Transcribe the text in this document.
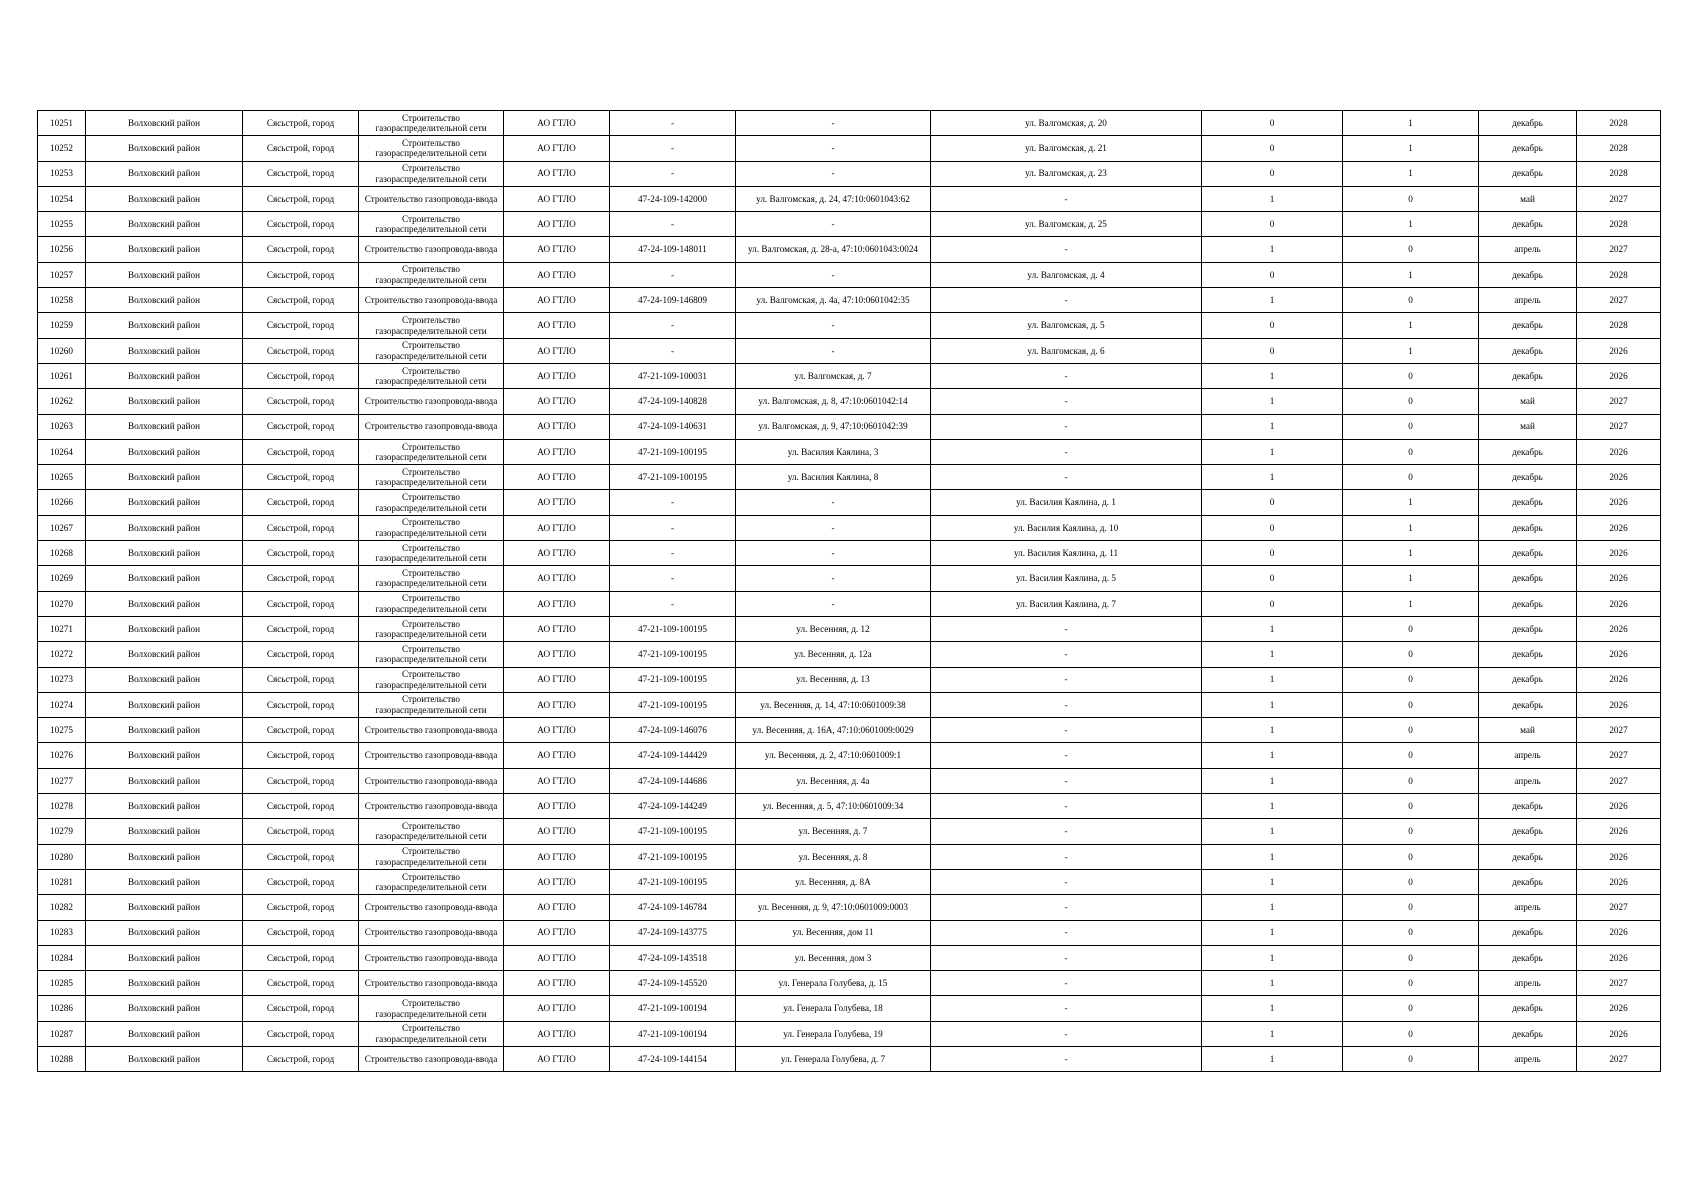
10251	Волховский район	Сясьстрой, город	Строительство газораспределительной сети	АО ГТЛО	-	-	ул. Валгомская, д. 20	0	1	декабрь	2028
10252	Волховский район	Сясьстрой, город	Строительство газораспределительной сети	АО ГТЛО	-	-	ул. Валгомская, д. 21	0	1	декабрь	2028
10253	Волховский район	Сясьстрой, город	Строительство газораспределительной сети	АО ГТЛО	-	-	ул. Валгомская, д. 23	0	1	декабрь	2028
10254	Волховский район	Сясьстрой, город	Строительство газопровода-ввода	АО ГТЛО	47-24-109-142000	ул. Валгомская, д. 24, 47:10:0601043:62	-	1	0	май	2027
10255	Волховский район	Сясьстрой, город	Строительство газораспределительной сети	АО ГТЛО	-	-	ул. Валгомская, д. 25	0	1	декабрь	2028
10256	Волховский район	Сясьстрой, город	Строительство газопровода-ввода	АО ГТЛО	47-24-109-148011	ул. Валгомская, д. 28-а, 47:10:0601043:0024	-	1	0	апрель	2027
10257	Волховский район	Сясьстрой, город	Строительство газораспределительной сети	АО ГТЛО	-	-	ул. Валгомская, д. 4	0	1	декабрь	2028
10258	Волховский район	Сясьстрой, город	Строительство газопровода-ввода	АО ГТЛО	47-24-109-146809	ул. Валгомская, д. 4а, 47:10:0601042:35	-	1	0	апрель	2027
10259	Волховский район	Сясьстрой, город	Строительство газораспределительной сети	АО ГТЛО	-	-	ул. Валгомская, д. 5	0	1	декабрь	2028
10260	Волховский район	Сясьстрой, город	Строительство газораспределительной сети	АО ГТЛО	-	-	ул. Валгомская, д. 6	0	1	декабрь	2026
10261	Волховский район	Сясьстрой, город	Строительство газораспределительной сети	АО ГТЛО	47-21-109-100031	ул. Валгомская, д. 7	-	1	0	декабрь	2026
10262	Волховский район	Сясьстрой, город	Строительство газопровода-ввода	АО ГТЛО	47-24-109-140828	ул. Валгомская, д. 8, 47:10:0601042:14	-	1	0	май	2027
10263	Волховский район	Сясьстрой, город	Строительство газопровода-ввода	АО ГТЛО	47-24-109-140631	ул. Валгомская, д. 9, 47:10:0601042:39	-	1	0	май	2027
10264	Волховский район	Сясьстрой, город	Строительство газораспределительной сети	АО ГТЛО	47-21-109-100195	ул. Василия Каялина, 3	-	1	0	декабрь	2026
10265	Волховский район	Сясьстрой, город	Строительство газораспределительной сети	АО ГТЛО	47-21-109-100195	ул. Василия Каялина, 8	-	1	0	декабрь	2026
10266	Волховский район	Сясьстрой, город	Строительство газораспределительной сети	АО ГТЛО	-	-	ул. Василия Каялина, д. 1	0	1	декабрь	2026
10267	Волховский район	Сясьстрой, город	Строительство газораспределительной сети	АО ГТЛО	-	-	ул. Василия Каялина, д. 10	0	1	декабрь	2026
10268	Волховский район	Сясьстрой, город	Строительство газораспределительной сети	АО ГТЛО	-	-	ул. Василия Каялина, д. 11	0	1	декабрь	2026
10269	Волховский район	Сясьстрой, город	Строительство газораспределительной сети	АО ГТЛО	-	-	ул. Василия Каялина, д. 5	0	1	декабрь	2026
10270	Волховский район	Сясьстрой, город	Строительство газораспределительной сети	АО ГТЛО	-	-	ул. Василия Каялина, д. 7	0	1	декабрь	2026
10271	Волховский район	Сясьстрой, город	Строительство газораспределительной сети	АО ГТЛО	47-21-109-100195	ул. Весенняя, д. 12	-	1	0	декабрь	2026
10272	Волховский район	Сясьстрой, город	Строительство газораспределительной сети	АО ГТЛО	47-21-109-100195	ул. Весенняя, д. 12а	-	1	0	декабрь	2026
10273	Волховский район	Сясьстрой, город	Строительство газораспределительной сети	АО ГТЛО	47-21-109-100195	ул. Весенняя, д. 13	-	1	0	декабрь	2026
10274	Волховский район	Сясьстрой, город	Строительство газораспределительной сети	АО ГТЛО	47-21-109-100195	ул. Весенняя, д. 14, 47:10:0601009:38	-	1	0	декабрь	2026
10275	Волховский район	Сясьстрой, город	Строительство газопровода-ввода	АО ГТЛО	47-24-109-146076	ул. Весенняя, д. 16А, 47:10:0601009:0029	-	1	0	май	2027
10276	Волховский район	Сясьстрой, город	Строительство газопровода-ввода	АО ГТЛО	47-24-109-144429	ул. Весенняя, д. 2, 47:10:0601009:1	-	1	0	апрель	2027
10277	Волховский район	Сясьстрой, город	Строительство газопровода-ввода	АО ГТЛО	47-24-109-144686	ул. Весенняя, д. 4а	-	1	0	апрель	2027
10278	Волховский район	Сясьстрой, город	Строительство газопровода-ввода	АО ГТЛО	47-24-109-144249	ул. Весенняя, д. 5, 47:10:0601009:34	-	1	0	декабрь	2026
10279	Волховский район	Сясьстрой, город	Строительство газораспределительной сети	АО ГТЛО	47-21-109-100195	ул. Весенняя, д. 7	-	1	0	декабрь	2026
10280	Волховский район	Сясьстрой, город	Строительство газораспределительной сети	АО ГТЛО	47-21-109-100195	ул. Весенняя, д. 8	-	1	0	декабрь	2026
10281	Волховский район	Сясьстрой, город	Строительство газораспределительной сети	АО ГТЛО	47-21-109-100195	ул. Весенняя, д. 8А	-	1	0	декабрь	2026
10282	Волховский район	Сясьстрой, город	Строительство газопровода-ввода	АО ГТЛО	47-24-109-146784	ул. Весенняя, д. 9, 47:10:0601009:0003	-	1	0	апрель	2027
10283	Волховский район	Сясьстрой, город	Строительство газопровода-ввода	АО ГТЛО	47-24-109-143775	ул. Весенняя, дом 11	-	1	0	декабрь	2026
10284	Волховский район	Сясьстрой, город	Строительство газопровода-ввода	АО ГТЛО	47-24-109-143518	ул. Весенняя, дом 3	-	1	0	декабрь	2026
10285	Волховский район	Сясьстрой, город	Строительство газопровода-ввода	АО ГТЛО	47-24-109-145520	ул. Генерала Голубева, д. 15	-	1	0	апрель	2027
10286	Волховский район	Сясьстрой, город	Строительство газораспределительной сети	АО ГТЛО	47-21-109-100194	ул. Генерала Голубева, 18	-	1	0	декабрь	2026
10287	Волховский район	Сясьстрой, город	Строительство газораспределительной сети	АО ГТЛО	47-21-109-100194	ул. Генерала Голубева, 19	-	1	0	декабрь	2026
10288	Волховский район	Сясьстрой, город	Строительство газопровода-ввода	АО ГТЛО	47-24-109-144154	ул. Генерала Голубева, д. 7	-	1	0	апрель	2027
